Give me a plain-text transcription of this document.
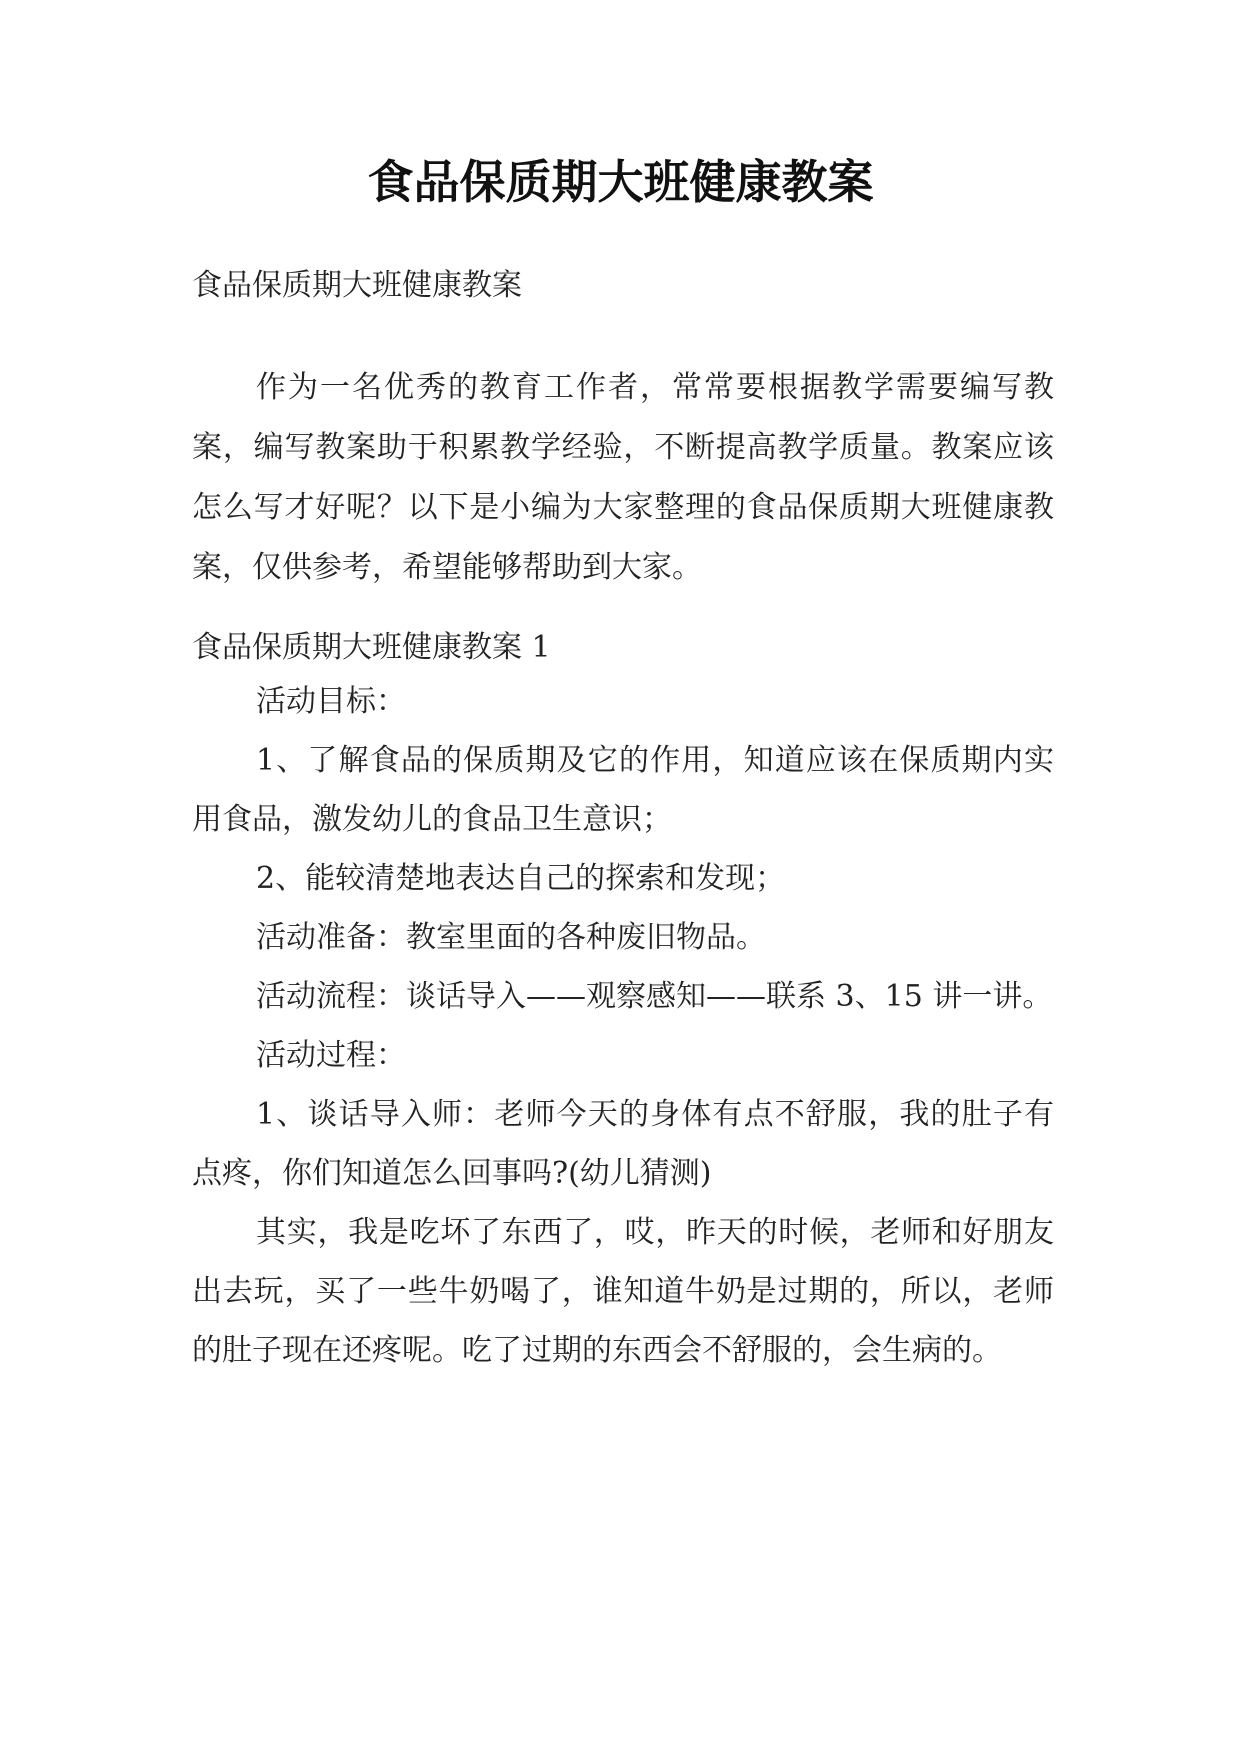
食品保质期大班健康教案

食品保质期大班健康教案

作为一名优秀的教育工作者，常常要根据教学需要编写教案，编写教案助于积累教学经验，不断提高教学质量。教案应该怎么写才好呢？以下是小编为大家整理的食品保质期大班健康教案，仅供参考，希望能够帮助到大家。

食品保质期大班健康教案 1

活动目标：

1、了解食品的保质期及它的作用，知道应该在保质期内实用食品，激发幼儿的食品卫生意识；

2、能较清楚地表达自己的探索和发现；

活动准备：教室里面的各种废旧物品。

活动流程：谈话导入——观察感知——联系 3、15 讲一讲。

活动过程：

1、谈话导入师：老师今天的身体有点不舒服，我的肚子有点疼，你们知道怎么回事吗?(幼儿猜测)

其实，我是吃坏了东西了，哎，昨天的时候，老师和好朋友出去玩，买了一些牛奶喝了，谁知道牛奶是过期的，所以，老师的肚子现在还疼呢。吃了过期的东西会不舒服的，会生病的。
